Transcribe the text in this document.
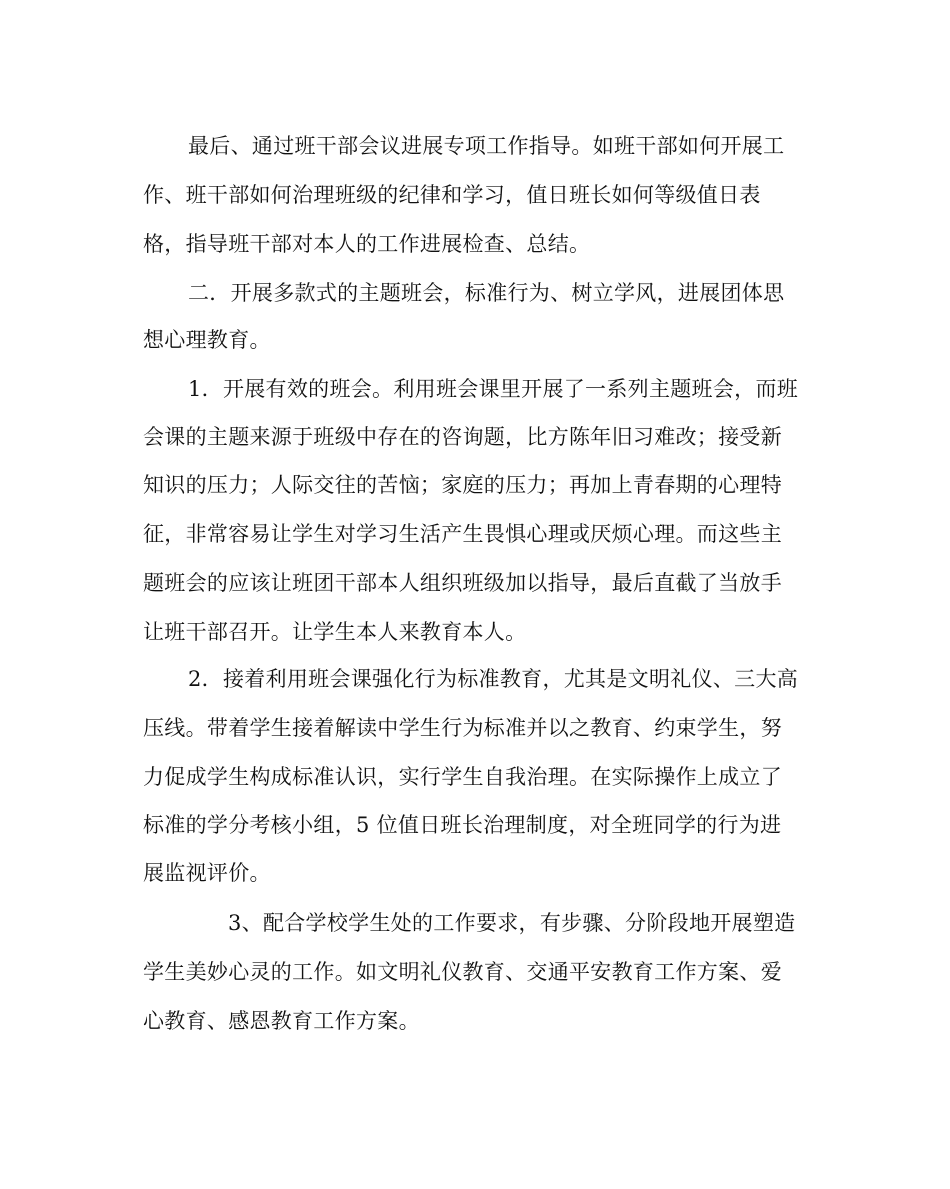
最后、通过班干部会议进展专项工作指导。如班干部如何开展工
作、班干部如何治理班级的纪律和学习，值日班长如何等级值日表
格，指导班干部对本人的工作进展检查、总结。
二．开展多款式的主题班会，标准行为、树立学风，进展团体思
想心理教育。
1．开展有效的班会。利用班会课里开展了一系列主题班会，而班
会课的主题来源于班级中存在的咨询题，比方陈年旧习难改；接受新
知识的压力；人际交往的苦恼；家庭的压力；再加上青春期的心理特
征，非常容易让学生对学习生活产生畏惧心理或厌烦心理。而这些主
题班会的应该让班团干部本人组织班级加以指导，最后直截了当放手
让班干部召开。让学生本人来教育本人。
2．接着利用班会课强化行为标准教育，尤其是文明礼仪、三大高
压线。带着学生接着解读中学生行为标准并以之教育、约束学生，努
力促成学生构成标准认识，实行学生自我治理。在实际操作上成立了
标准的学分考核小组，5 位值日班长治理制度，对全班同学的行为进
展监视评价。
3、配合学校学生处的工作要求，有步骤、分阶段地开展塑造
学生美妙心灵的工作。如文明礼仪教育、交通平安教育工作方案、爱
心教育、感恩教育工作方案。
